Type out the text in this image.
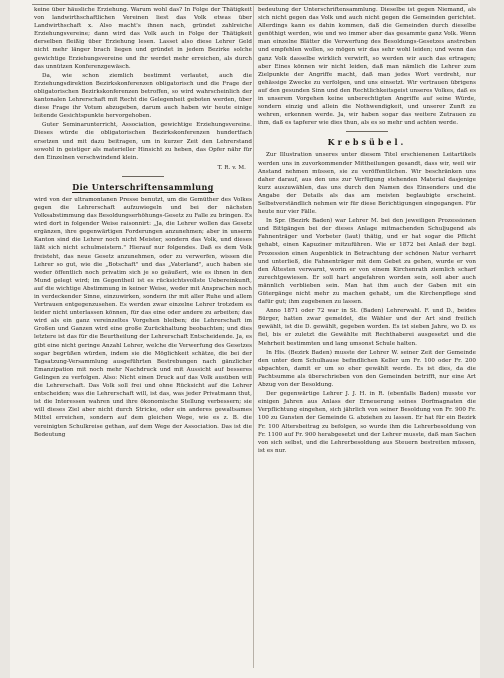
keine über häusliche Erziehung. Warum wohl das? In Folge der Thätigkeit von landwirthschaftlichen Vereinen liest das Volk etwas über Landwirthschaft x. Also macht's ihnen nach, gründet zahlreiche Erziehungsvereine; dann wird das Volk auch in Folge der Thätigkeit derselben fleißig über Erziehung lesen. Lasset also diese Lehrer Geld nicht mehr länger brach liegen und gründet in jedem Bezirke solche gewichtige Erziehungsvereine und ihr werdet mehr erreichen, als durch das unnützen Konferenzgewäsch.

Da, wie schon ziemlich bestimmt verlautet, auch die Erziehungsdirektion Bezirkskonferenzen obligatorisch und die Frage der obligatorischen Bezirkskonferenzen betroffen, so wird wahrscheinlich der kantonalen Lehrerschaft mit Recht die Gelegenheit geboten werden, über diese Frage ihr Votum abzugeben, darum auch haben wir heute einige leitende Gesichtspunkte hervorgehoben.

Guter Seminarunterricht, Association, gewichtige Erziehungsvereine. Dieses würde die obligatorischen Bezirkskonferenzen hundertfach ersetzen und mit dazu beitragen, um in kurzer Zeit den Lehrerstand sowohl in geistiger als materieller Hinsicht zu heben, das Opfer nähr für den Einzelnen verschwindend klein.

T. R. v. M.
Die Unterschriftensammlung

wird von der ultramontanen Presse benutzt, um die Gemüther des Volkes gegen die Lehrerschaft aufzuwiegeln und bei der nächsten Volksabstimmung das Besoldungserhöhungs-Gesetz zu Falle zu bringen. Es wird dort in folgender Weise raisonnirt: „Ja, die Lehrer wollen das Gesetz ergänzen, ihre gegenwärtigen Forderungen anzunehmen; aber in unserm Kanton sind die Lehrer noch nicht Meister, sondern das Volk, und dieses läßt sich nicht schulmeistern." Hierauf nur folgendes. Daß es dem Volk freisteht, das neue Gesetz anzunehmen, oder zu verwerfen, wissen die Lehrer so gut, wie die „Botschaft" und das „Vaterland", auch haben sie weder öffentlich noch privatim sich je so geäußert, wie es ihnen in den Mund gelegt wird; im Gegentheil ist es rücksichtsvollste Uebereinkunft, auf die wichtige Abstimmung in keiner Weise, weder mit Ansprachen noch in verdeckender Sinne, einzuwirken, sondern ihr mit aller Ruhe und allem Vertrauen entgegenzusehen. Es werden zwar einzelne Lehrer trotzdem es leider nicht unterlassen können, für das eine oder andere zu arbeiten; das wird als ein ganz vereinzeltes Vorgehen bleiben; die Lehrerschaft im Großen und Ganzen wird eine große Zurückhaltung beobachten; und dies letztere ist das für die Beurtheilung der Lehrerschaft Entscheidende. Ja, es gibt eine nicht geringe Anzahl Lehrer, welche die Verwerfung des Gesetzes sogar begrüßen würden, indem sie die Möglichkeit schätze, die bei der Tagsatzung-Versammlung ausgeführten Bestrebungen nach gänzlicher Emanzipation mit noch mehr Nachdruck und mit Aussicht auf besseres Gelingen zu verfolgen. Also: Nicht einen Druck auf das Volk ausüben will die Lehrerschaft. Das Volk soll frei und ohne Rücksicht auf die Lehrer entscheiden; was die Lehrerschaft will, ist das, was jeder Privatmann thut, ist die Interessen wahren und ihre ökonomische Stellung verbessern; sie will dieses Ziel aber nicht durch Stricke, oder ein anderes gewaltsames Mittel erreichen, sondern auf dem gleichen Wege, wie es z. B. die vereinigten Schulkreise gethan, auf dem Wege der Association. Das ist die Bedeutung

bedeutung der Unterschriftensammlung. Dieselbe ist gegen Niemand, als sich nicht gegen das Volk und auch nicht gegen die Gemeinden gerichtet. Allerdings kann es dahin kommen, daß die Gemeinden durch dieselbe genöthigt werden, wie und wo immer aber das gesammte ganz Volk. Wenn man einzelne Blätter die Verwerfung des Besoldungs-Gesetzes anstreben und empfehlen wollen, so mögen wir das sehr wohl leiden; und wenn das ganz Volk dasselbe wirklich verwirft, so werden wir auch das ertragen; aber Eines können wir nicht leiden, daß man nämlich die Lehrer zum Zielpunkte der Angriffe macht, daß man jedes Wort verdreht, nur gehässige Zwecke zu verfolgen, und uns einsetzt. Wir vertrauen übrigens auf den gesunden Sinn und den Rechtlichkeitsgeist unseres Volkes, daß es in unserem Vorgehen keine unberechtigten Angriffe auf seine Würde, sondern einzig und allein die Nothwendigkeit, und unserer Zunft zu wehren, erkennen werde. Ja, wir haben sogar das weitere Zutrauen zu ihm, daß es tapferer wie dies thun, als es so mehr und achten werde.

Krebsübel.

Zur Illustration unseres unter diesem Titel erschienenen Leitartikels werden uns in zuvorkommender Mittheilungen gesandt, dass wir, weil wir Anstand nehmen müssen, sie zu veröffentlichen. Wir beschränken uns daher darauf, aus den uns zur Verfügung stehenden Material dasjenige kurz auszuwählen, das uns durch den Namen des Einsenders und die Angabe der Details als das am meisten beglaubigte erscheint. Selbstverständlich nehmen wir für diese Berichtigungen eingegangen. Für heute nur vier Fälle.

In Spr. (Bezirk Baden) war Lehrer M. bei den jeweiligen Prozessionen und Bittgängen bei der dieses Anlage mitmachenden Schuljugend als Fahnenträger und Vorbeter (laut) thätig, und er hat sogar die Pflicht gehabt, einen Kapuziner mitzuführen. Wie er 1872 bei Anlaß der bzgl. Prozession einen Augenblick in Betrachtung der schönen Natur verharrt und unterließ, die Fahnenträger mit dem Gebet zu gehen, wurde er von den Ältesten verwarnt, worin er von einem Kirchenrath ziemlich scharf zurechtgewiesen. Er soll hart angefahren worden sein, soll aber auch männlich verblieben sein. Man hat ihm auch der Gaben mit ein Gütergänge nicht mehr zu machen gehabt, um die Kirchenpflege sind dafür gut; ihm zugebenen zu lassen.

Anno 1871 oder 72 war in St. (Baden) Lehrerwahl. F. und D., beides Bürger, hatten zwar gemeldet, die Wähler und der Art sind freilich gewählt, ist die D. gewählt, gegeben worden. Es ist sieben Jahre, wo D. es fiel, bis er zuletzt die Gewählte mit Rechthaberei ausgesetzt und die Mehrheit bestimmten und lang umsonst Schule halten.

In His. (Bezirk Baden) musste der Lehrer W. seiner Zeit der Gemeinde den unter dem Schulhause befindlichen Keller um Fr. 100 oder Fr. 200 abpachten, damit er um so eher gewählt werde. Es ist dies, da die Pachtsumme als überschrieben von den Gemeinden betrifft, nur eine Art Abzug von der Besoldung.

Der gegenwärtige Lehrer J. J. H. in R. (ebenfalls Baden) musste vor einigen Jahren aus Anlass der Erneuerung seines Dorfmagnaten die Verpflichtung eingehen, sich jährlich von seiner Besoldung von Fr. 900 Fr. 100 zu Gunsten der Gemeinde G. abziehen zu lassen. Er hat für ein Bezirk Fr. 100 Altersbeitrag zu befolgen, so wurde ihm die Lehrerbesoldung von Fr. 1100 auf Fr. 900 herabgesetzt und der Lehrer musste, daß man Sachen von sich selbst, und die Lehrerbesoldung aus Steuern bestreiten müssen, ist es nur.
